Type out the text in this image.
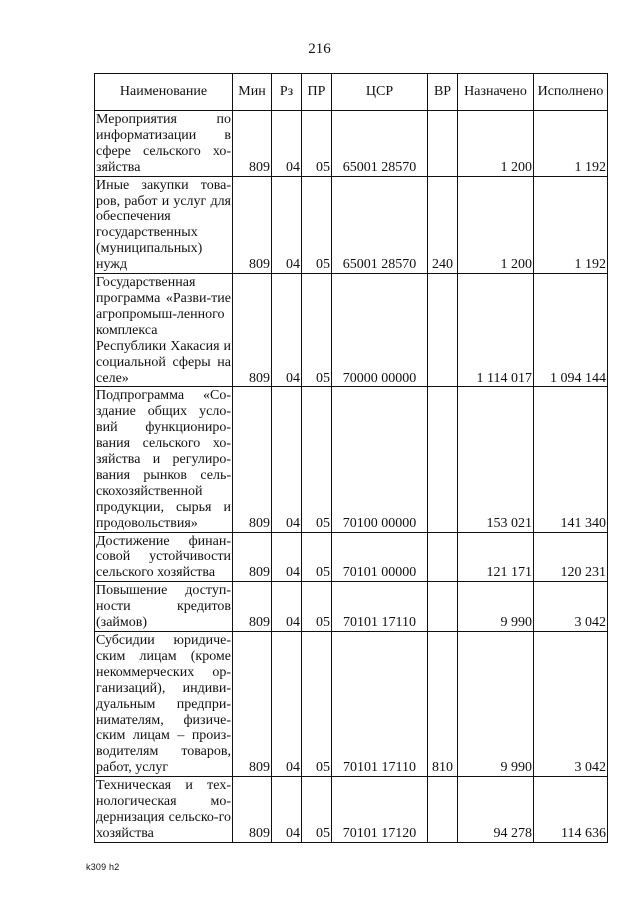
216
Наименование	Мин	Рз	ПР	ЦСР	ВР	Назначено	Исполнено
Мероприятия по информатизации в сфере сельского хо-зяйства	809	04	05	65001 28570		1 200	1 192
Иные закупки това-ров, работ и услуг для обеспечения государственных (муниципальных) нужд	809	04	05	65001 28570	240	1 200	1 192
Государственная программа «Разви-тие агропромыш-ленного комплекса Республики Хакасия и социальной сферы на селе»	809	04	05	70000 00000		1 114 017	1 094 144
Подпрограмма «Со-здание общих усло-вий функциониро-вания сельского хо-зяйства и регулиро-вания рынков сель-скохозяйственной продукции, сырья и продовольствия»	809	04	05	70100 00000		153 021	141 340
Достижение финан-совой устойчивости сельского хозяйства	809	04	05	70101 00000		121 171	120 231
Повышение доступ-ности кредитов (займов)	809	04	05	70101 17110		9 990	3 042
Субсидии юридиче-ским лицам (кроме некоммерческих ор-ганизаций), индиви-дуальным предпри-нимателям, физиче-ским лицам – произ-водителям товаров, работ, услуг	809	04	05	70101 17110	810	9 990	3 042
Техническая и тех-нологическая мо-дернизация сельско-го хозяйства	809	04	05	70101 17120		94 278	114 636
k309 h2
